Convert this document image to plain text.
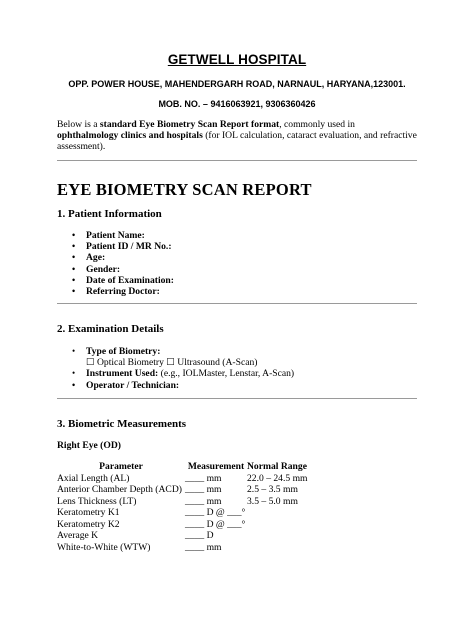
GETWELL HOSPITAL
OPP. POWER HOUSE, MAHENDERGARH ROAD, NARNAUL, HARYANA,123001.
MOB. NO. – 9416063921, 9306360426
Below is a standard Eye Biometry Scan Report format, commonly used in ophthalmology clinics and hospitals (for IOL calculation, cataract evaluation, and refractive assessment).
EYE BIOMETRY SCAN REPORT
1. Patient Information
• Patient Name:
• Patient ID / MR No.:
• Age:
• Gender:
• Date of Examination:
• Referring Doctor:
2. Examination Details
• Type of Biometry:
☐ Optical Biometry ☐ Ultrasound (A-Scan)
• Instrument Used: (e.g., IOLMaster, Lenstar, A-Scan)
• Operator / Technician:
3. Biometric Measurements
Right Eye (OD)
Parameter	Measurement	Normal Range
Axial Length (AL)	____ mm	22.0 – 24.5 mm
Anterior Chamber Depth (ACD)	____ mm	2.5 – 3.5 mm
Lens Thickness (LT)	____ mm	3.5 – 5.0 mm
Keratometry K1	____ D @ ___°	
Keratometry K2	____ D @ ___°	
Average K	____ D	
White-to-White (WTW)	____ mm	
